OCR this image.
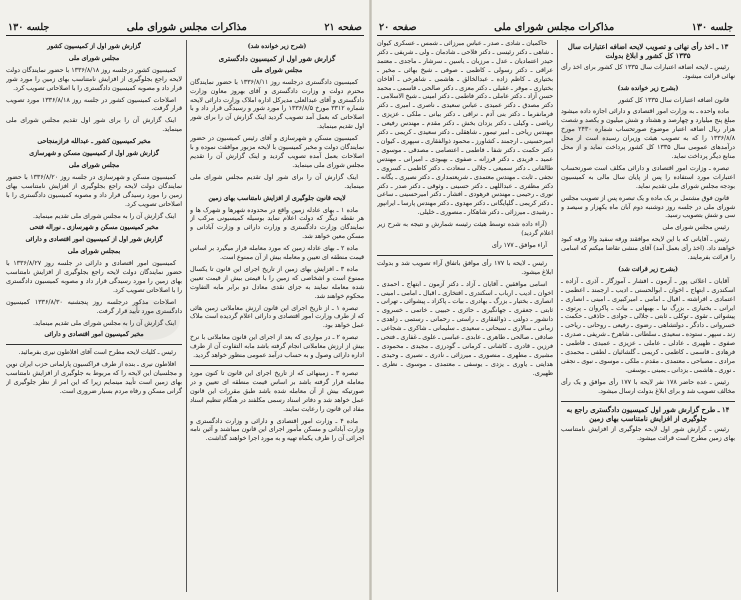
صفحه ۲۱
مذاکرات مجلس شورای ملی
جلسه ۱۳۰

(شرح زیر خوانده شد)

گزارش شور اول از کمیسیون دادگستری

مجلس شورای ملی

کمیسیون دادگستری درجلسه روز ۱۳۳۶/۸/۱۱ با حضور نمایندگان محترم دولت و وزارت دادگستری و آقای بهروز معاون وزارت دادگستری و آقای عبدالعلی مدیرکل اداره املاک وزارت دارائی لایحه شماره ۳۳۱۲ مورخ ۱۳۳۶/۸/۵ را مورد شور و رسیدگی قرار داد و با اصلاحاتی که بعمل آمد تصویب گردید اینک گزارش آن را برای شور اول تقدیم مینماید.

کمیسیون مسکن و شهرسازی و آقای رئیس کمیسیون در حضور نمایندگان دولت و مخبر کمیسیون با لایحه مزبور موافقت نموده و با اصلاحات بعمل آمده تصویب گردید و اینک گزارش آن را تقدیم مجلس شورای ملی مینماید.

اینک گزارش آن را برای شور اول تقدیم مجلس شورای ملی مینماید.

لایحه قانون جلوگیری از افزایش نامتناسب بهای زمین

ماده ۱ ـ بهای عادله زمین واقع در محدوده شهرها و شهرک ها و هر نقطه دیگر که دولت اعلام نماید بوسیله کمیسیونی مرکب از نمایندگان وزارت دادگستری و وزارت دارائی و وزارت آبادانی و مسکن معین خواهد شد.

ماده ۲ ـ بهای عادله زمین که مورد معامله قرار میگیرد بر اساس قیمت منطقه ای تعیین و معامله بیش از آن ممنوع است.

ماده ۳ ـ افزایش بهای زمین از تاریخ اجرای این قانون تا یکسال ممنوع است و اشخاصی که زمین را با قیمتی بیش از قیمت تعیین شده معامله نمایند به جزای نقدی معادل دو برابر مابه التفاوت محکوم خواهند شد.

تبصره ۱ ـ از تاریخ اجرای این قانون ارزش معاملاتی زمین هائی که از طرف وزارت امور اقتصادی و دارائی اعلام گردیده است ملاک عمل خواهد بود.

تبصره ۲ ـ در مواردی که بعد از اجرای این قانون معاملاتی با نرخ بیش از ارزش معاملاتی انجام گرفته باشد مابه التفاوت آن از طرف اداره دارائی وصول و به حساب درآمد عمومی منظور خواهد گردید.

تبصره ۳ ـ زمینهائی که از تاریخ اجرای این قانون تا کنون مورد معامله قرار گرفته باشد بر اساس قیمت منطقه ای تعیین و در صورتیکه بیش از آن معامله شده باشد طبق مقررات این قانون عمل خواهد شد و دفاتر اسناد رسمی مکلفند در هنگام تنظیم اسناد مفاد این قانون را رعایت نمایند.

ماده ۴ ـ وزارت امور اقتصادی و دارائی و وزارت دادگستری و وزارت آبادانی و مسکن مأمور اجرای این قانون میباشند و آئین نامه اجرائی آن را ظرف یکماه تهیه و به مورد اجرا خواهند گذاشت.

گزارش شور اول از کمیسیون کشور

مجلس شورای ملی

کمیسیون کشور درجلسه روز ۱۳۳۶/۸/۱۸ با حضور نمایندگان دولت لایحه راجع بجلوگیری از افزایش نامتناسب بهای زمین را مورد شور قرار داد و مصوبه کمیسیون دادگستری را با اصلاحاتی تصویب کرد.

اصلاحات کمیسیون کشور در جلسه روز ۱۳۳۶/۸/۱۸ مورد تصویب قرار گرفت.

اینک گزارش آن را برای شور اول تقدیم مجلس شورای ملی مینماید.

مخبر کمیسیون کشور ـ عبدالله فرازمنجاحی

گزارش شور اول از کمیسیون مسکن و شهرسازی

مجلس شورای ملی

کمیسیون مسکن و شهرسازی در جلسه روز ۱۳۳۶/۸/۲۰ با حضور نمایندگان دولت لایحه راجع بجلوگیری از افزایش نامتناسب بهای زمین را مورد رسیدگی قرار داد و مصوبه کمیسیون دادگستری را با اصلاحاتی تصویب کرد.

اینک گزارش آن را به مجلس شورای ملی تقدیم مینماید.

مخبر کمیسیون مسکن و شهرسازی ـ نوراله فتحی

گزارش شور اول از کمیسیون امور اقتصادی و دارائی

بمجلس شورای ملی

کمیسیون امور اقتصادی و دارائی در جلسه روز ۱۳۳۶/۸/۲۷ با حضور نمایندگان دولت لایحه راجع بجلوگیری از افزایش نامتناسب بهای زمین را مورد رسیدگی قرار داد و مصوبه کمیسیون دادگستری را با اصلاحاتی تصویب کرد.

اصلاحات مذکور درجلسه روز پنجشنبه ۱۳۳۶/۸/۳۰ کمیسیون دادگستری مورد تأیید قرار گرفت.

اینک گزارش آن را به مجلس شورای ملی تقدیم مینماید.

مخبر کمیسیون امور اقتصادی و دارائی

رئیس ـ کلیات لایحه مطرح است آقای افلاطون نیری بفرمائید.

افلاطون نیری ـ بنده از طرف فراکسیون پارلمانی حزب ایران نوین و مجلسیان این لایحه را که مربوط به جلوگیری از افزایش نامتناسب بهای زمین است تأیید مینمایم زیرا که این امر از نظر جلوگیری از گرانی مسکن و رفاه مردم بسیار ضروری است.

جلسه ۱۳۰
مذاکرات مجلس شورای ملی
صفحه ۲۰

۱۳ ـ اخذ رأی نهائی و تصویب لایحه اضافه اعتبارات سال ۱۳۳۵ کل کشور و ابلاغ بدولت

رئیس ـ لایحه اضافه اعتبارات سال ۱۳۳۵ کل کشور برای اخذ رأی نهائی قرائت میشود.

(بشرح زیر خوانده شد)

قانون اضافه اعتبارات سال ۱۳۳۵ کل کشور

ماده واحده ـ به وزارت امور اقتصادی و دارائی اجازه داده میشود مبلغ پنج میلیارد و چهارصد و هشتاد و شش میلیون و یکصد و شصت هزار ریال اضافه اعتبار موضوع صورتحساب شماره ۲۴۳۰ مورخ ۱۳۳۶/۸/۸ را که به تصویب هیئت وزیران رسیده است از محل درآمدهای عمومی سال ۱۳۳۵ کل کشور پرداخت نماید و از محل منابع دیگر پرداخت نماید.

تبصره ـ وزارت امور اقتصادی و دارائی مکلف است صورتحساب اعتبارات مورد استفاده را پس از پایان سال مالی به کمیسیون بودجه مجلس شورای ملی تقدیم نماید.

قانون فوق مشتمل بر یک ماده و یک تبصره پس از تصویب مجلس شورای ملی در جلسه روز دوشنبه دوم آبان ماه یکهزار و سیصد و سی و شش بتصویب رسید.

رئیس مجلس شورای ملی

رئیس ـ آقایانی که با این لایحه موافقند ورقه سفید والا ورقه کبود خواهند داد. (اخذ رأی بعمل آمد) آقای منشی تقاضا میکنم که اسامی را قرائت بفرمایند.

(بشرح زیر قرائت شد)

آقایان ـ اعلائی پور ـ آزمون ـ افشار ـ آموزگار ـ آذری ـ آزاده ـ اسکندری ـ ابتهاج ـ اخوان ـ ابوالحسنی ـ ادیب ـ ارجمند ـ اعظمی ـ اعتمادی ـ افراشته ـ اقبال ـ امامی ـ امیرکبیری ـ امینی ـ انصاری ـ ایرانی ـ بختیاری ـ بزرگ نیا ـ بهبهانی ـ بیات ـ پاکروان ـ پرتوی ـ پیشوائی ـ تقوی ـ توکلی ـ ثابتی ـ جلالی ـ جوادی ـ حاذقی ـ حکمت ـ خسروانی ـ دادگر ـ دولتشاهی ـ رضوی ـ رفیعی ـ روحانی ـ ریاحی ـ زند ـ سپهر ـ ستوده ـ سعیدی ـ سلطانی ـ شاهرخ ـ شریفی ـ صدری ـ صفوی ـ ظهیری ـ عادلی ـ عاملی ـ عزیزی ـ عمیدی ـ فاطمی ـ فرهادی ـ قاسمی ـ کاظمی ـ کریمی ـ گلشائیان ـ لطفی ـ محمدی ـ مرادی ـ مصباحی ـ معتمدی ـ مقدم ـ ملکی ـ موسوی ـ نبوی ـ نجفی ـ نوری ـ هاشمی ـ یزدانی ـ یمینی ـ یوسفی.

رئیس ـ عده حاضر ۱۷۸ نفر لایحه با ۱۷۷ رأی موافق و یک رأی مخالف تصویب شد و برای ابلاغ بدولت ارسال میشود.

۱۴ ـ طرح گزارش شور اول کمیسیون دادگستری راجع به جلوگیری از افزایش نامتناسب بهای زمین

رئیس ـ گزارش شور اول لایحه جلوگیری از افزایش نامتناسب بهای زمین مطرح است قرائت میشود.

حاکمیان ـ شادی ـ صدر ـ عباس مبرزائی ـ شمس ـ عسکری کیوان ـ شاهی ـ دکتر رئیسی ـ دکتر فلاحی ـ شادمان ـ ولی ـ شریفی ـ دکتر حیدر اعتمادیان ـ عدل ـ مرزبان ـ یاسین ـ سرشار ـ ماجدی ـ معتمد عراقی ـ دکتر رسولی ـ کاظمی ـ صوفی ـ شیخ بهائی ـ مخیر ـ بختیاری ـ کاظم زاده ـ عبدالخالق ـ هاشمی ـ شاهرخی ـ آقاخان بختیاری ـ موقر ـ عقیلی ـ دکتر معزی ـ دکتر صالحی ـ قاسمی ـ محمد حسن آزاد ـ دکتر عاملی ـ دکتر فاطمی ـ دکتر امینی ـ شیخ الاسلامی ـ دکتر مصدق ـ دکتر عمیدی ـ عباس سعیدی ـ ناصری ـ امیری ـ دکتر فرمانفرما ـ دکتر بنی آدم ـ نراقی ـ دکتر بیانی ـ ملکی ـ عزیزی ـ ریاضی ـ وکیلی ـ دکتر یزدان بخش ـ دکتر مقدم ـ مهندس رفیعی ـ مهندس ریاحی ـ امیر تیمور ـ شاهقلی ـ دکتر سعیدی ـ کریمی ـ دکتر امیرحسینی ـ ارجمند ـ کشاورز ـ محمود ذوالفقاری ـ سپهری ـ کیوان ـ دکتر حکمت ـ دکتر شفا ـ فاطمی ـ اعتصامی ـ مصدقی ـ موسوی ـ عمید ـ فریدی ـ دکتر فرزانه ـ صفوی ـ بهبودی ـ امیرانی ـ مهندس طالقانی ـ دکتر سمیعی ـ جلالی ـ سعادت ـ دکتر کاظمی ـ کسروی ـ نجفی ـ ثابت ـ مهندس معتمدی ـ شریعتمداری ـ دکتر نصیری ـ یگانه ـ دکتر مظفری ـ عبداللهی ـ دکتر حسینی ـ وثوقی ـ دکتر صدر ـ دکتر نوری ـ رحیمی ـ مهندس فرهودی ـ افشار ـ دکتر امیرحسینی ـ ساعی ـ دکتر کریمی ـ گلپایگانی ـ دکتر مهدوی ـ دکتر مهندس پارسا ـ ایرانپور ـ رشیدی ـ میرزائی ـ دکتر شاهکار ـ منصوری ـ خلیلی.

(آراء داده شده توسط هیئت رئیسه شمارش و نتیجه به شرح زیر اعلام گردید)

آراء موافق ـ ۱۷۷ رأی

رئیس ـ لایحه با ۱۷۷ رأی موافق باتفاق آراء تصویب شد و بدولت ابلاغ میشود.

اسامی موافقین ـ آقایان ـ آزاد ـ دکتر آزمون ـ ابتهاج ـ احمدی ـ اخوان ـ ادیب ـ ارباب ـ اسکندری ـ افتخاری ـ اقبال ـ امامی ـ امینی ـ انصاری ـ بختیار ـ بزرگ ـ بهادری ـ بیات ـ پاکزاد ـ پیشوائی ـ تهرانی ـ ثابتی ـ جعفری ـ جهانگیری ـ حائری ـ حبیبی ـ خاتمی ـ خسروی ـ دانشور ـ دولتی ـ ذوالفقاری ـ راستی ـ رحمانی ـ رستمی ـ زاهدی ـ زمانی ـ سالاری ـ سبحانی ـ سعیدی ـ سلیمانی ـ شاکری ـ شجاعی ـ صادقی ـ صالحی ـ طاهری ـ عابدی ـ عباسی ـ علوی ـ غفاری ـ فتحی ـ فرزین ـ قادری ـ کاشانی ـ کرمانی ـ گودرزی ـ مجیدی ـ محمودی ـ مشیری ـ مطهری ـ منصوری ـ میرزائی ـ نادری ـ نصیری ـ وحیدی ـ هدایتی ـ یاوری ـ یزدی ـ یوسفی ـ معتمدی ـ موسوی ـ نظری ـ ظهیری.
